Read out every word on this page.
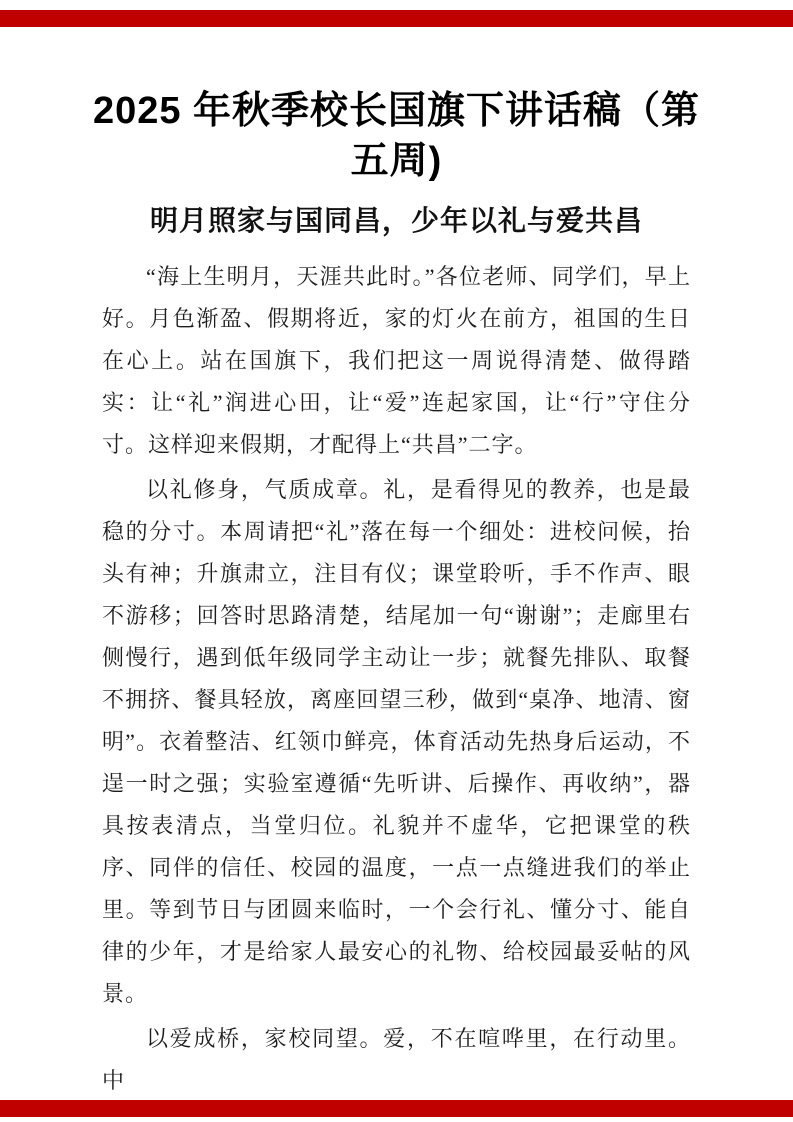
2025 年秋季校长国旗下讲话稿（第
五周)
明月照家与国同昌，少年以礼与爱共昌

“海上生明月，天涯共此时。”各位老师、同学们，早上好。月色渐盈、假期将近，家的灯火在前方，祖国的生日在心上。站在国旗下，我们把这一周说得清楚、做得踏实：让“礼”润进心田，让“爱”连起家国，让“行”守住分寸。这样迎来假期，才配得上“共昌”二字。

以礼修身，气质成章。礼，是看得见的教养，也是最稳的分寸。本周请把“礼”落在每一个细处：进校问候，抬头有神；升旗肃立，注目有仪；课堂聆听，手不作声、眼不游移；回答时思路清楚，结尾加一句“谢谢”；走廊里右侧慢行，遇到低年级同学主动让一步；就餐先排队、取餐不拥挤、餐具轻放，离座回望三秒，做到“桌净、地清、窗明”。衣着整洁、红领巾鲜亮，体育活动先热身后运动，不逞一时之强；实验室遵循“先听讲、后操作、再收纳”，器具按表清点，当堂归位。礼貌并不虚华，它把课堂的秩序、同伴的信任、校园的温度，一点一点缝进我们的举止里。等到节日与团圆来临时，一个会行礼、懂分寸、能自律的少年，才是给家人最安心的礼物、给校园最妥帖的风景。

以爱成桥，家校同望。爱，不在喧哗里，在行动里。中
